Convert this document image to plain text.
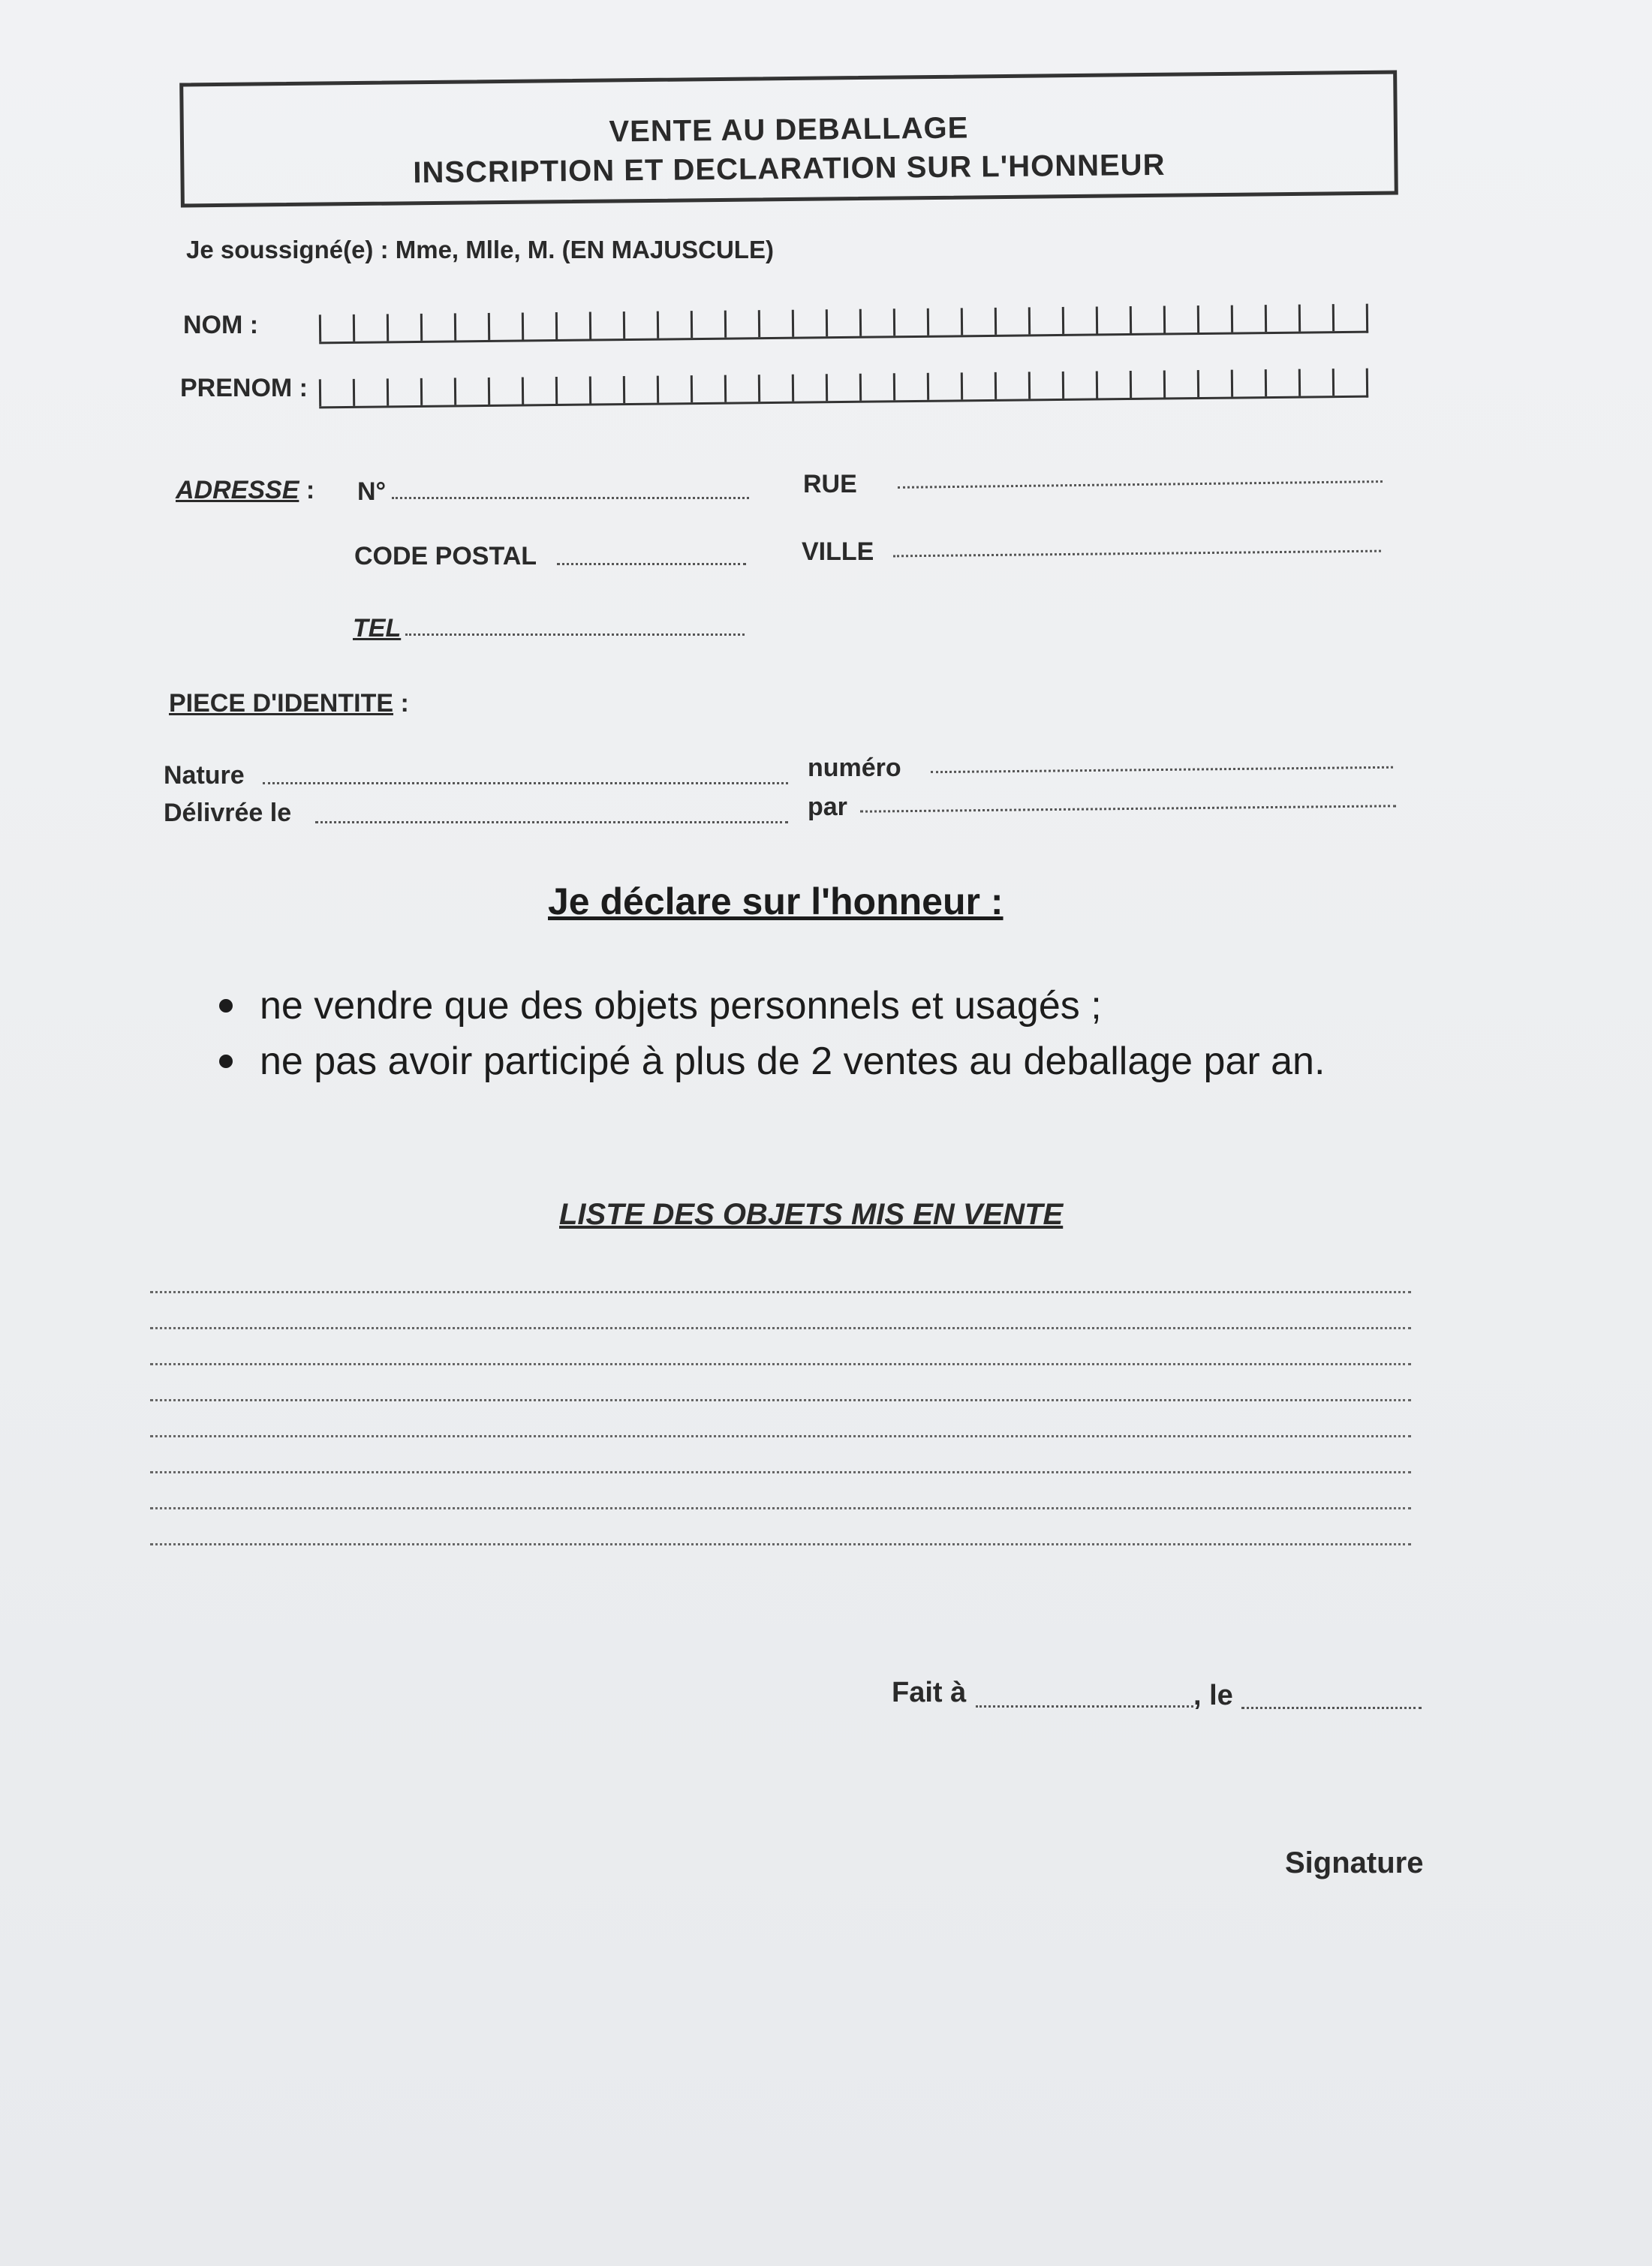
VENTE AU DEBALLAGE
INSCRIPTION ET DECLARATION SUR L'HONNEUR
Je soussigné(e) : Mme, Mlle, M. (EN MAJUSCULE)
NOM :
PRENOM :
ADRESSE : N°	RUE
CODE POSTAL	VILLE
TEL
PIECE D'IDENTITE :
Nature	numéro
Délivrée le	par
Je déclare sur l'honneur :
ne vendre que des objets personnels et usagés ;
ne pas avoir participé à plus de 2 ventes au deballage par an.
LISTE DES OBJETS MIS EN VENTE
Fait à	, le
Signature
